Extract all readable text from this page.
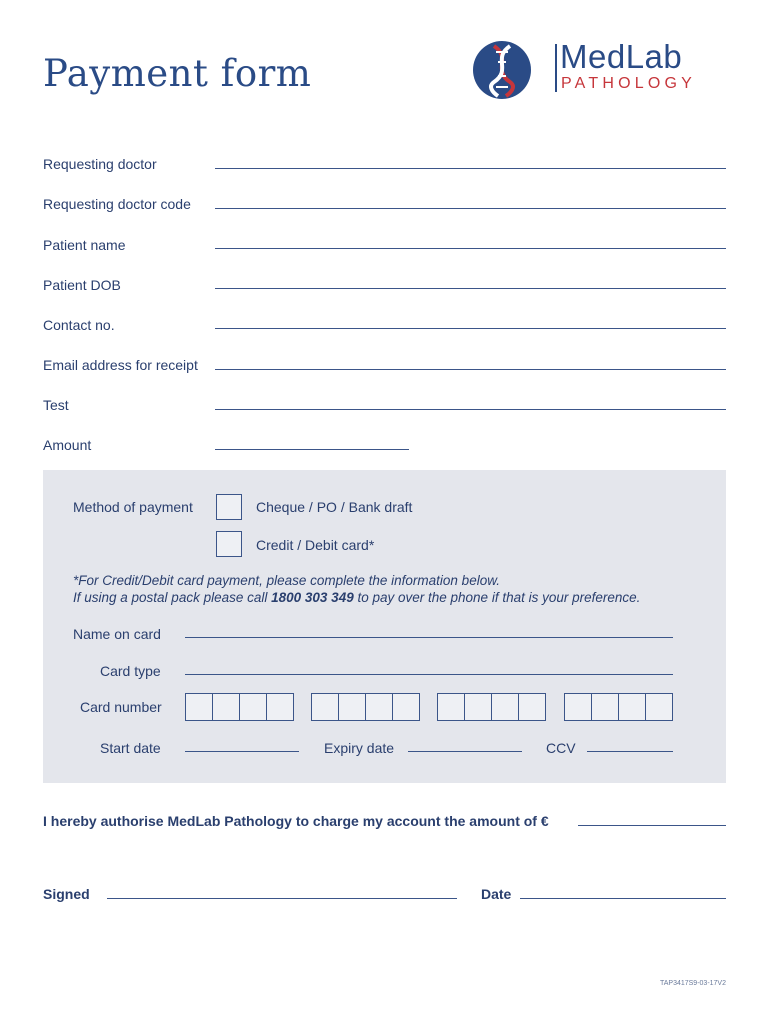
Payment form	MedLab
PATHOLOGY
Requesting doctor
Requesting doctor code
Patient name
Patient DOB
Contact no.
Email address for receipt
Test
Amount
Method of payment	Cheque / PO / Bank draft
Credit / Debit card*
*For Credit/Debit card payment, please complete the information below.
If using a postal pack please call 1800 303 349 to pay over the phone if that is your preference.
Name on card
Card type
Card number
Start date	Expiry date	CCV
I hereby authorise MedLab Pathology to charge my account the amount of €
Signed	Date
TAP3417S9-03-17V2
